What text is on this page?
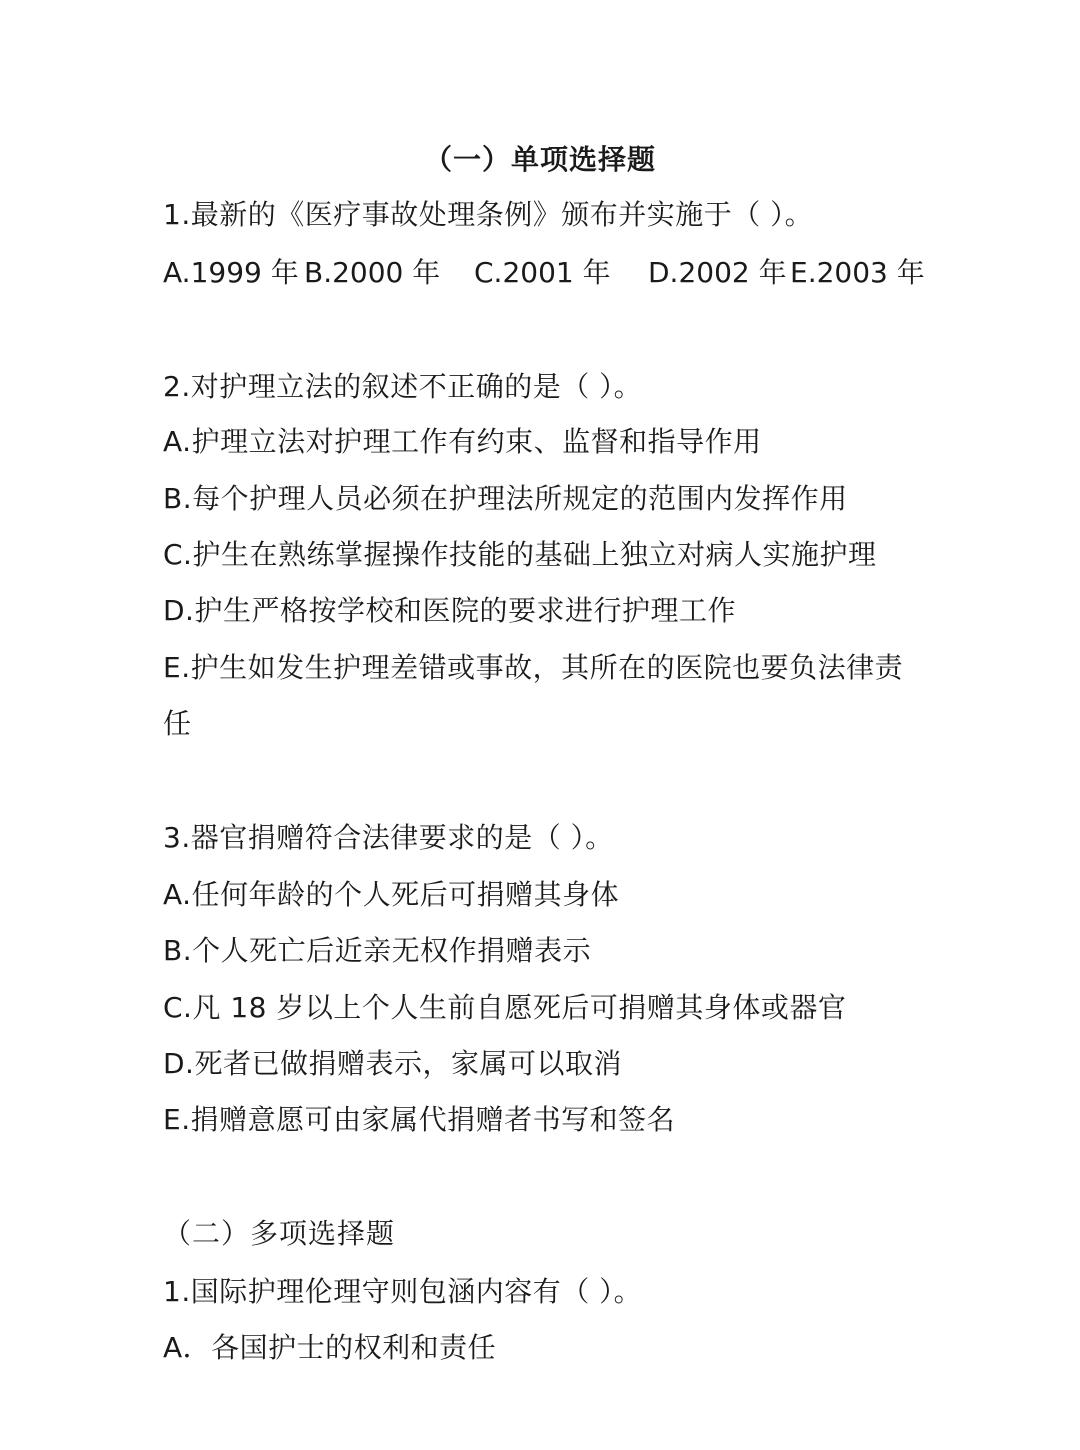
（一）单项选择题
1.最新的《医疗事故处理条例》颁布并实施于（ ）。
A.1999 年 B.2000 年 C.2001 年 D.2002 年 E.2003 年
2.对护理立法的叙述不正确的是（ ）。
A.护理立法对护理工作有约束、监督和指导作用
B.每个护理人员必须在护理法所规定的范围内发挥作用
C.护生在熟练掌握操作技能的基础上独立对病人实施护理
D.护生严格按学校和医院的要求进行护理工作
E.护生如发生护理差错或事故，其所在的医院也要负法律责
任
3.器官捐赠符合法律要求的是（ ）。
A.任何年龄的个人死后可捐赠其身体
B.个人死亡后近亲无权作捐赠表示
C.凡 18 岁以上个人生前自愿死后可捐赠其身体或器官
D.死者已做捐赠表示，家属可以取消
E.捐赠意愿可由家属代捐赠者书写和签名
（二）多项选择题
1.国际护理伦理守则包涵内容有（ ）。
A．各国护士的权利和责任
